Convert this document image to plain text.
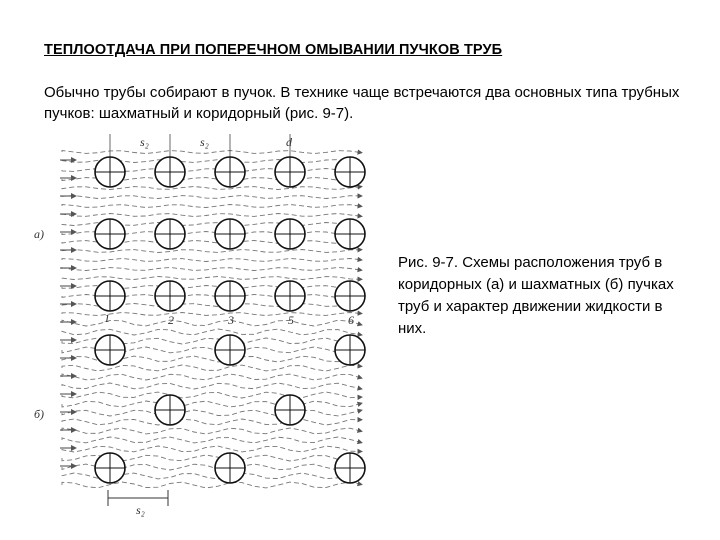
ТЕПЛООТДАЧА ПРИ ПОПЕРЕЧНОМ ОМЫВАНИИ ПУЧКОВ ТРУБ
Обычно трубы собирают в пучок. В технике чаще встречаются два основных типа трубных пучков: шахматный и коридорный (рис. 9-7).
s₂	s₂	d
а)
б)
1	2	3	5	6
s₂
Рис. 9-7. Схемы расположения труб в коридорных (а) и шахматных (б) пучках труб и характер движении жидкости в них.
